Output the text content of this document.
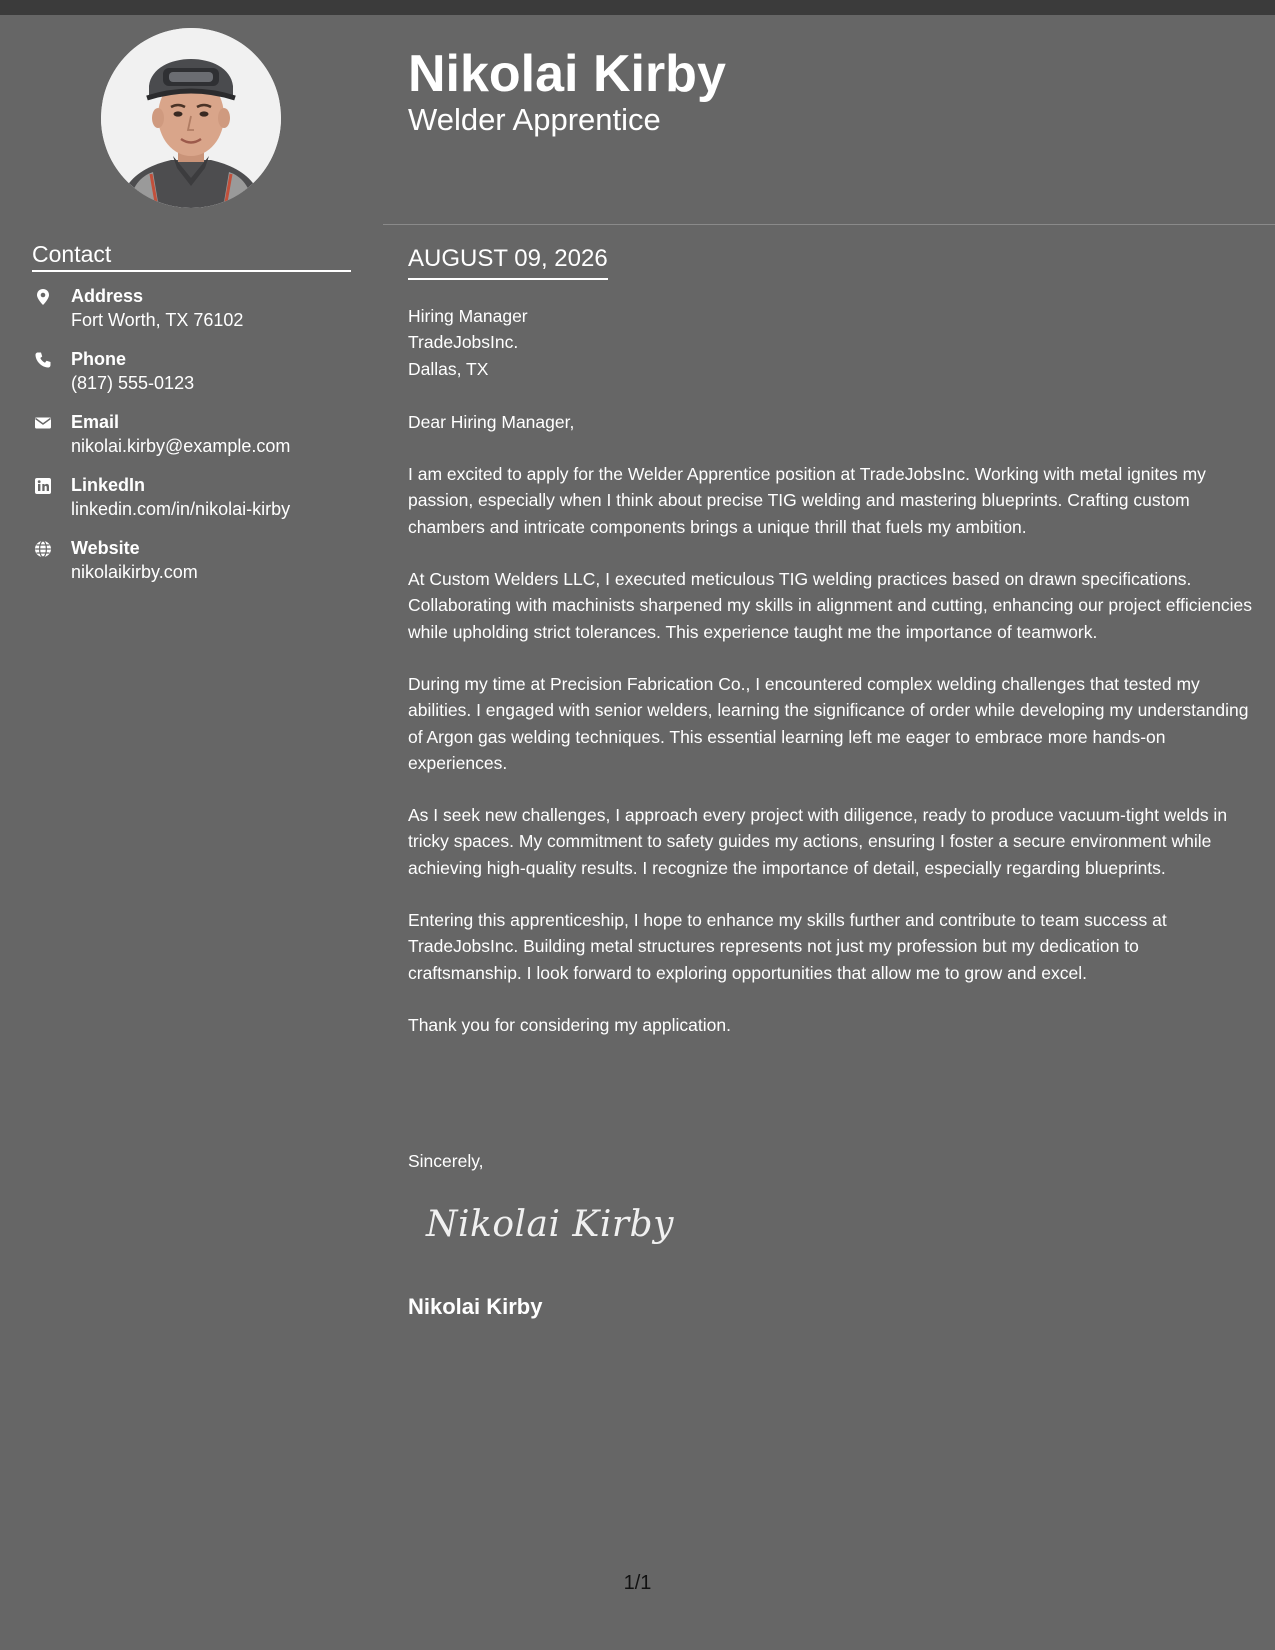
Contact
Address
Fort Worth, TX 76102
Phone
(817) 555-0123
Email
nikolai.kirby@example.com
LinkedIn
linkedin.com/in/nikolai-kirby
Website
nikolaikirby.com
Nikolai Kirby
Welder Apprentice
AUGUST 09, 2026
Hiring Manager
TradeJobsInc.
Dallas, TX

Dear Hiring Manager,

I am excited to apply for the Welder Apprentice position at TradeJobsInc. Working with metal ignites my passion, especially when I think about precise TIG welding and mastering blueprints. Crafting custom chambers and intricate components brings a unique thrill that fuels my ambition.

At Custom Welders LLC, I executed meticulous TIG welding practices based on drawn specifications. Collaborating with machinists sharpened my skills in alignment and cutting, enhancing our project efficiencies while upholding strict tolerances. This experience taught me the importance of teamwork.

During my time at Precision Fabrication Co., I encountered complex welding challenges that tested my abilities. I engaged with senior welders, learning the significance of order while developing my understanding of Argon gas welding techniques. This essential learning left me eager to embrace more hands-on experiences.

As I seek new challenges, I approach every project with diligence, ready to produce vacuum-tight welds in tricky spaces. My commitment to safety guides my actions, ensuring I foster a secure environment while achieving high-quality results. I recognize the importance of detail, especially regarding blueprints.

Entering this apprenticeship, I hope to enhance my skills further and contribute to team success at TradeJobsInc. Building metal structures represents not just my profession but my dedication to craftsmanship. I look forward to exploring opportunities that allow me to grow and excel.

Thank you for considering my application.

Sincerely,
Nikolai Kirby
Nikolai Kirby
1/1
